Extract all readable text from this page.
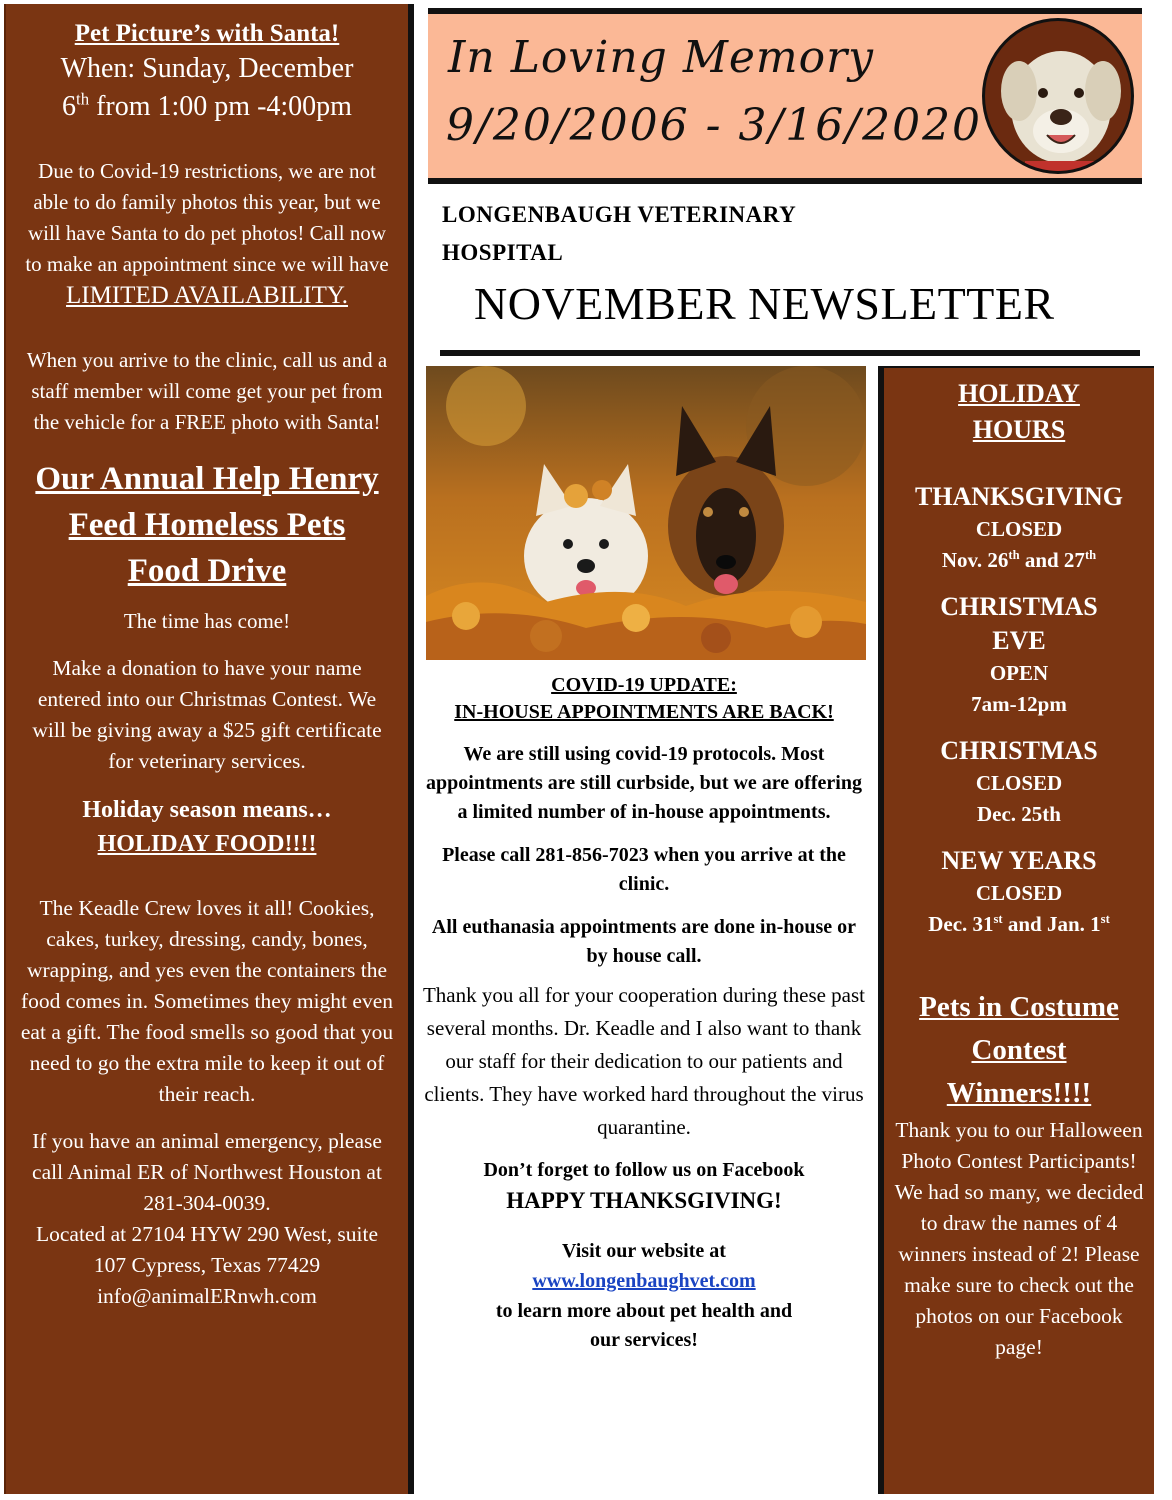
Pet Picture’s with Santa!
When: Sunday, December
6th from 1:00 pm -4:00pm

Due to Covid-19 restrictions, we are not able to do family photos this year, but we will have Santa to do pet photos! Call now to make an appointment since we will have

LIMITED AVAILABILITY.

When you arrive to the clinic, call us and a staff member will come get your pet from the vehicle for a FREE photo with Santa!

Our Annual Help Henry Feed Homeless Pets Food Drive

The time has come!

Make a donation to have your name entered into our Christmas Contest. We will be giving away a $25 gift certificate for veterinary services.

Holiday season means…
HOLIDAY FOOD!!!!

The Keadle Crew loves it all! Cookies, cakes, turkey, dressing, candy, bones, wrapping, and yes even the containers the food comes in. Sometimes they might even eat a gift. The food smells so good that you need to go the extra mile to keep it out of their reach.

If you have an animal emergency, please call Animal ER of Northwest Houston at 281-304-0039.

Located at 27104 HYW 290 West, suite 107 Cypress, Texas 77429

info@animalERnwh.com

In Loving Memory
9/20/2006 - 3/16/2020
LONGENBAUGH VETERINARY HOSPITAL
NOVEMBER NEWSLETTER
COVID-19 UPDATE:
IN-HOUSE APPOINTMENTS ARE BACK!

We are still using covid-19 protocols. Most appointments are still curbside, but we are offering a limited number of in-house appointments.

Please call 281-856-7023 when you arrive at the clinic.

All euthanasia appointments are done in-house or by house call.

Thank you all for your cooperation during these past several months. Dr. Keadle and I also want to thank our staff for their dedication to our patients and clients. They have worked hard throughout the virus quarantine.

Don’t forget to follow us on Facebook

HAPPY THANKSGIVING!

Visit our website at

www.longenbaughvet.com

to learn more about pet health and our services!

HOLIDAY HOURS
THANKSGIVING
CLOSED
Nov. 26th and 27th
CHRISTMAS EVE
OPEN
7am-12pm
CHRISTMAS
CLOSED
Dec. 25th
NEW YEARS
CLOSED
Dec. 31st and Jan. 1st
Pets in Costume Contest Winners!!!!

Thank you to our Halloween Photo Contest Participants! We had so many, we decided to draw the names of 4 winners instead of 2! Please make sure to check out the photos on our Facebook page!
